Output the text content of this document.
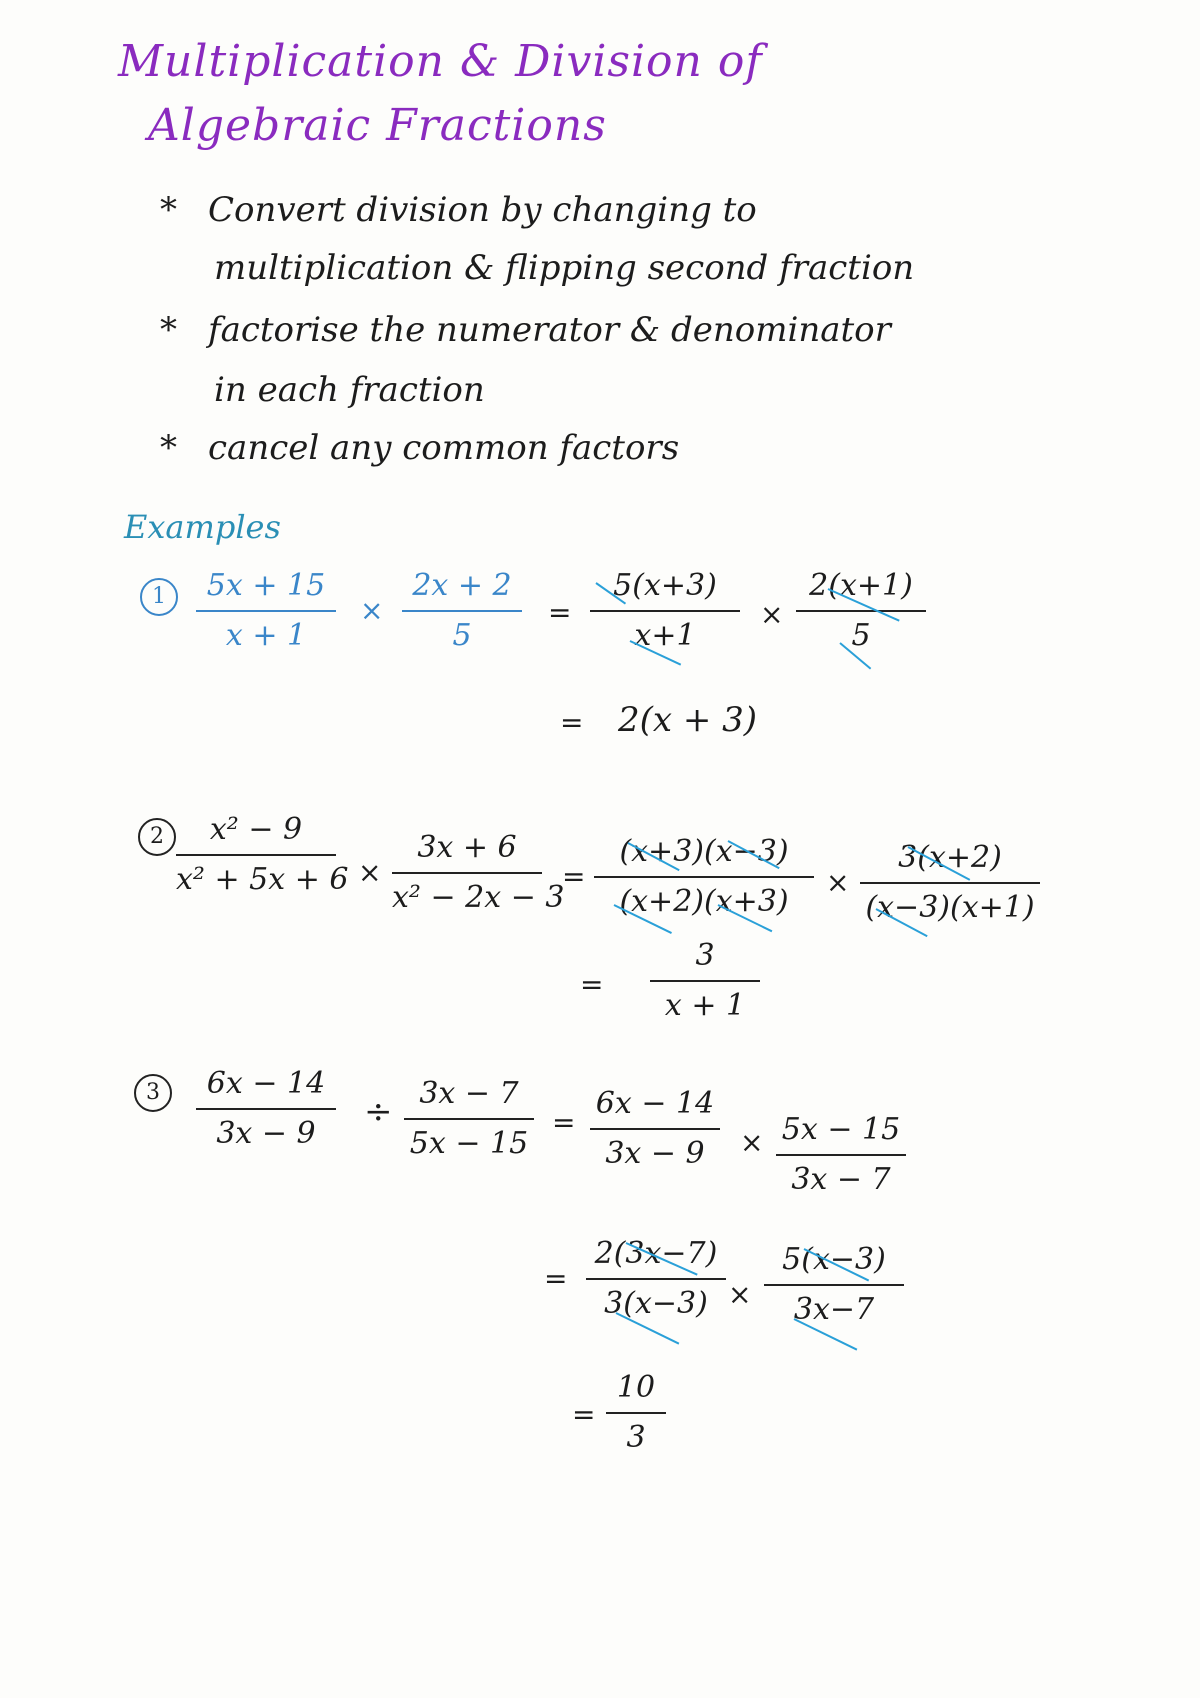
Multiplication & Division of
Algebraic Fractions
* Convert division by changing to
multiplication & flipping second fraction
* factorise the numerator & denominator
in each fraction
* cancel any common factors
Examples
1	5x + 15
x + 1
×
2x + 2
5
=
5(x+3)
x+1
×
2(x+1)
5
= 2(x + 3)
2	x² − 9
x² + 5x + 6 ×
3x + 6
x² − 2x − 3
=
(x+3)(x−3)
(x+2)(x+3)
×
3(x+2)
(x−3)(x+1)
=
3
x + 1
3	6x − 14
3x − 9
÷ 3x − 7
5x − 15
=
6x − 14
3x − 9	× 5x − 15
3x − 7
=
2(3x−7)
3(x−3) ×
5(x−3)
3x−7
=
10
3
